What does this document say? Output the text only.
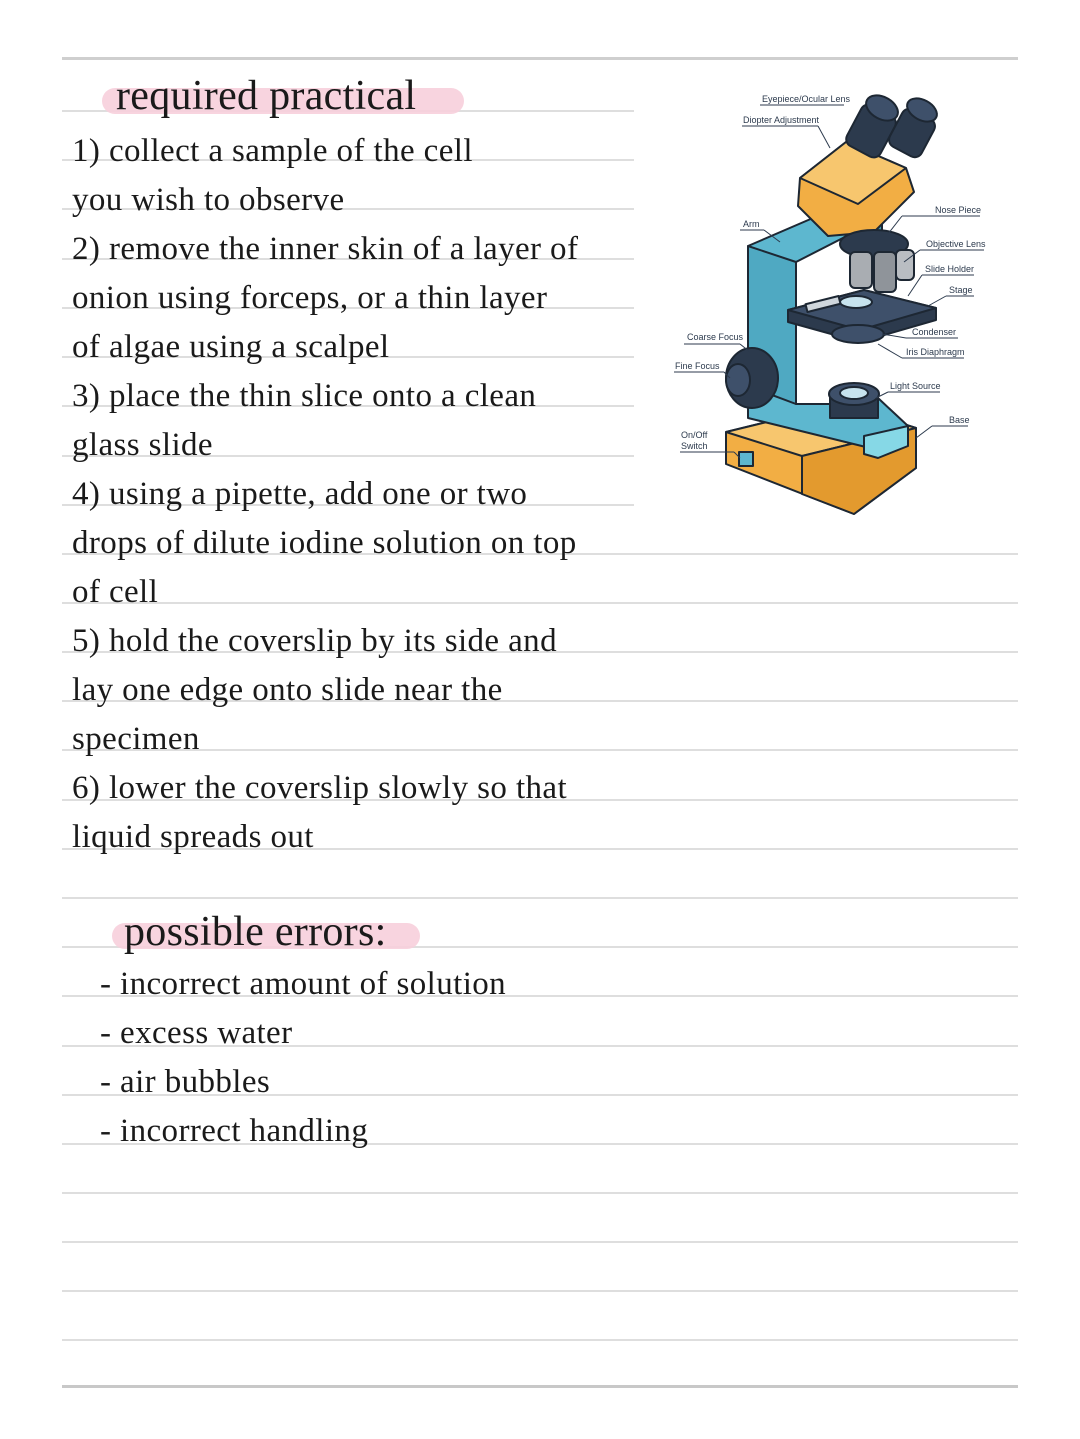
required practical
1) collect a sample of the cell
you wish to observe
2) remove the inner skin of a layer of
onion using forceps, or a thin layer
of algae using a scalpel
3) place the thin slice onto a clean
glass slide
4) using a pipette, add one or two
drops of dilute iodine solution on top
of cell
5) hold the coverslip by its side and
lay one edge onto slide near the
specimen
6) lower the coverslip slowly so that
liquid spreads out
possible errors:
- incorrect amount of solution
- excess water
- air bubbles
- incorrect handling
Eyepiece/Ocular Lens
Diopter Adjustment
Arm
Nose Piece
Objective Lens
Slide Holder
Stage
Coarse Focus
Fine Focus
Condenser
Iris Diaphragm
Light Source
Base
On/Off
Switch
